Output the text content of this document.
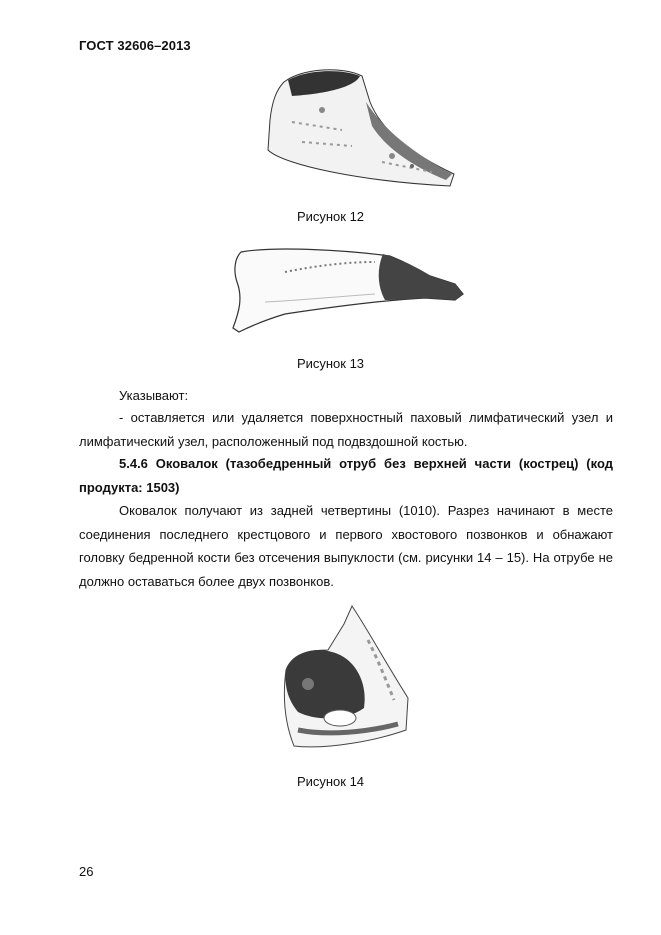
ГОСТ 32606–2013
Рисунок 12
Рисунок 13
Указывают:
- оставляется или удаляется поверхностный паховый лимфатический узел и лимфатический узел, расположенный под подвздошной костью.
5.4.6 Оковалок (тазобедренный отруб без верхней части (кострец) (код продукта: 1503)
Оковалок получают из задней четвертины (1010). Разрез начинают в месте соединения последнего крестцового и первого хвостового позвонков и обнажают головку бедренной кости без отсечения выпуклости (см. рисунки 14 – 15). На отрубе не должно оставаться более двух позвонков.
Рисунок 14
26
